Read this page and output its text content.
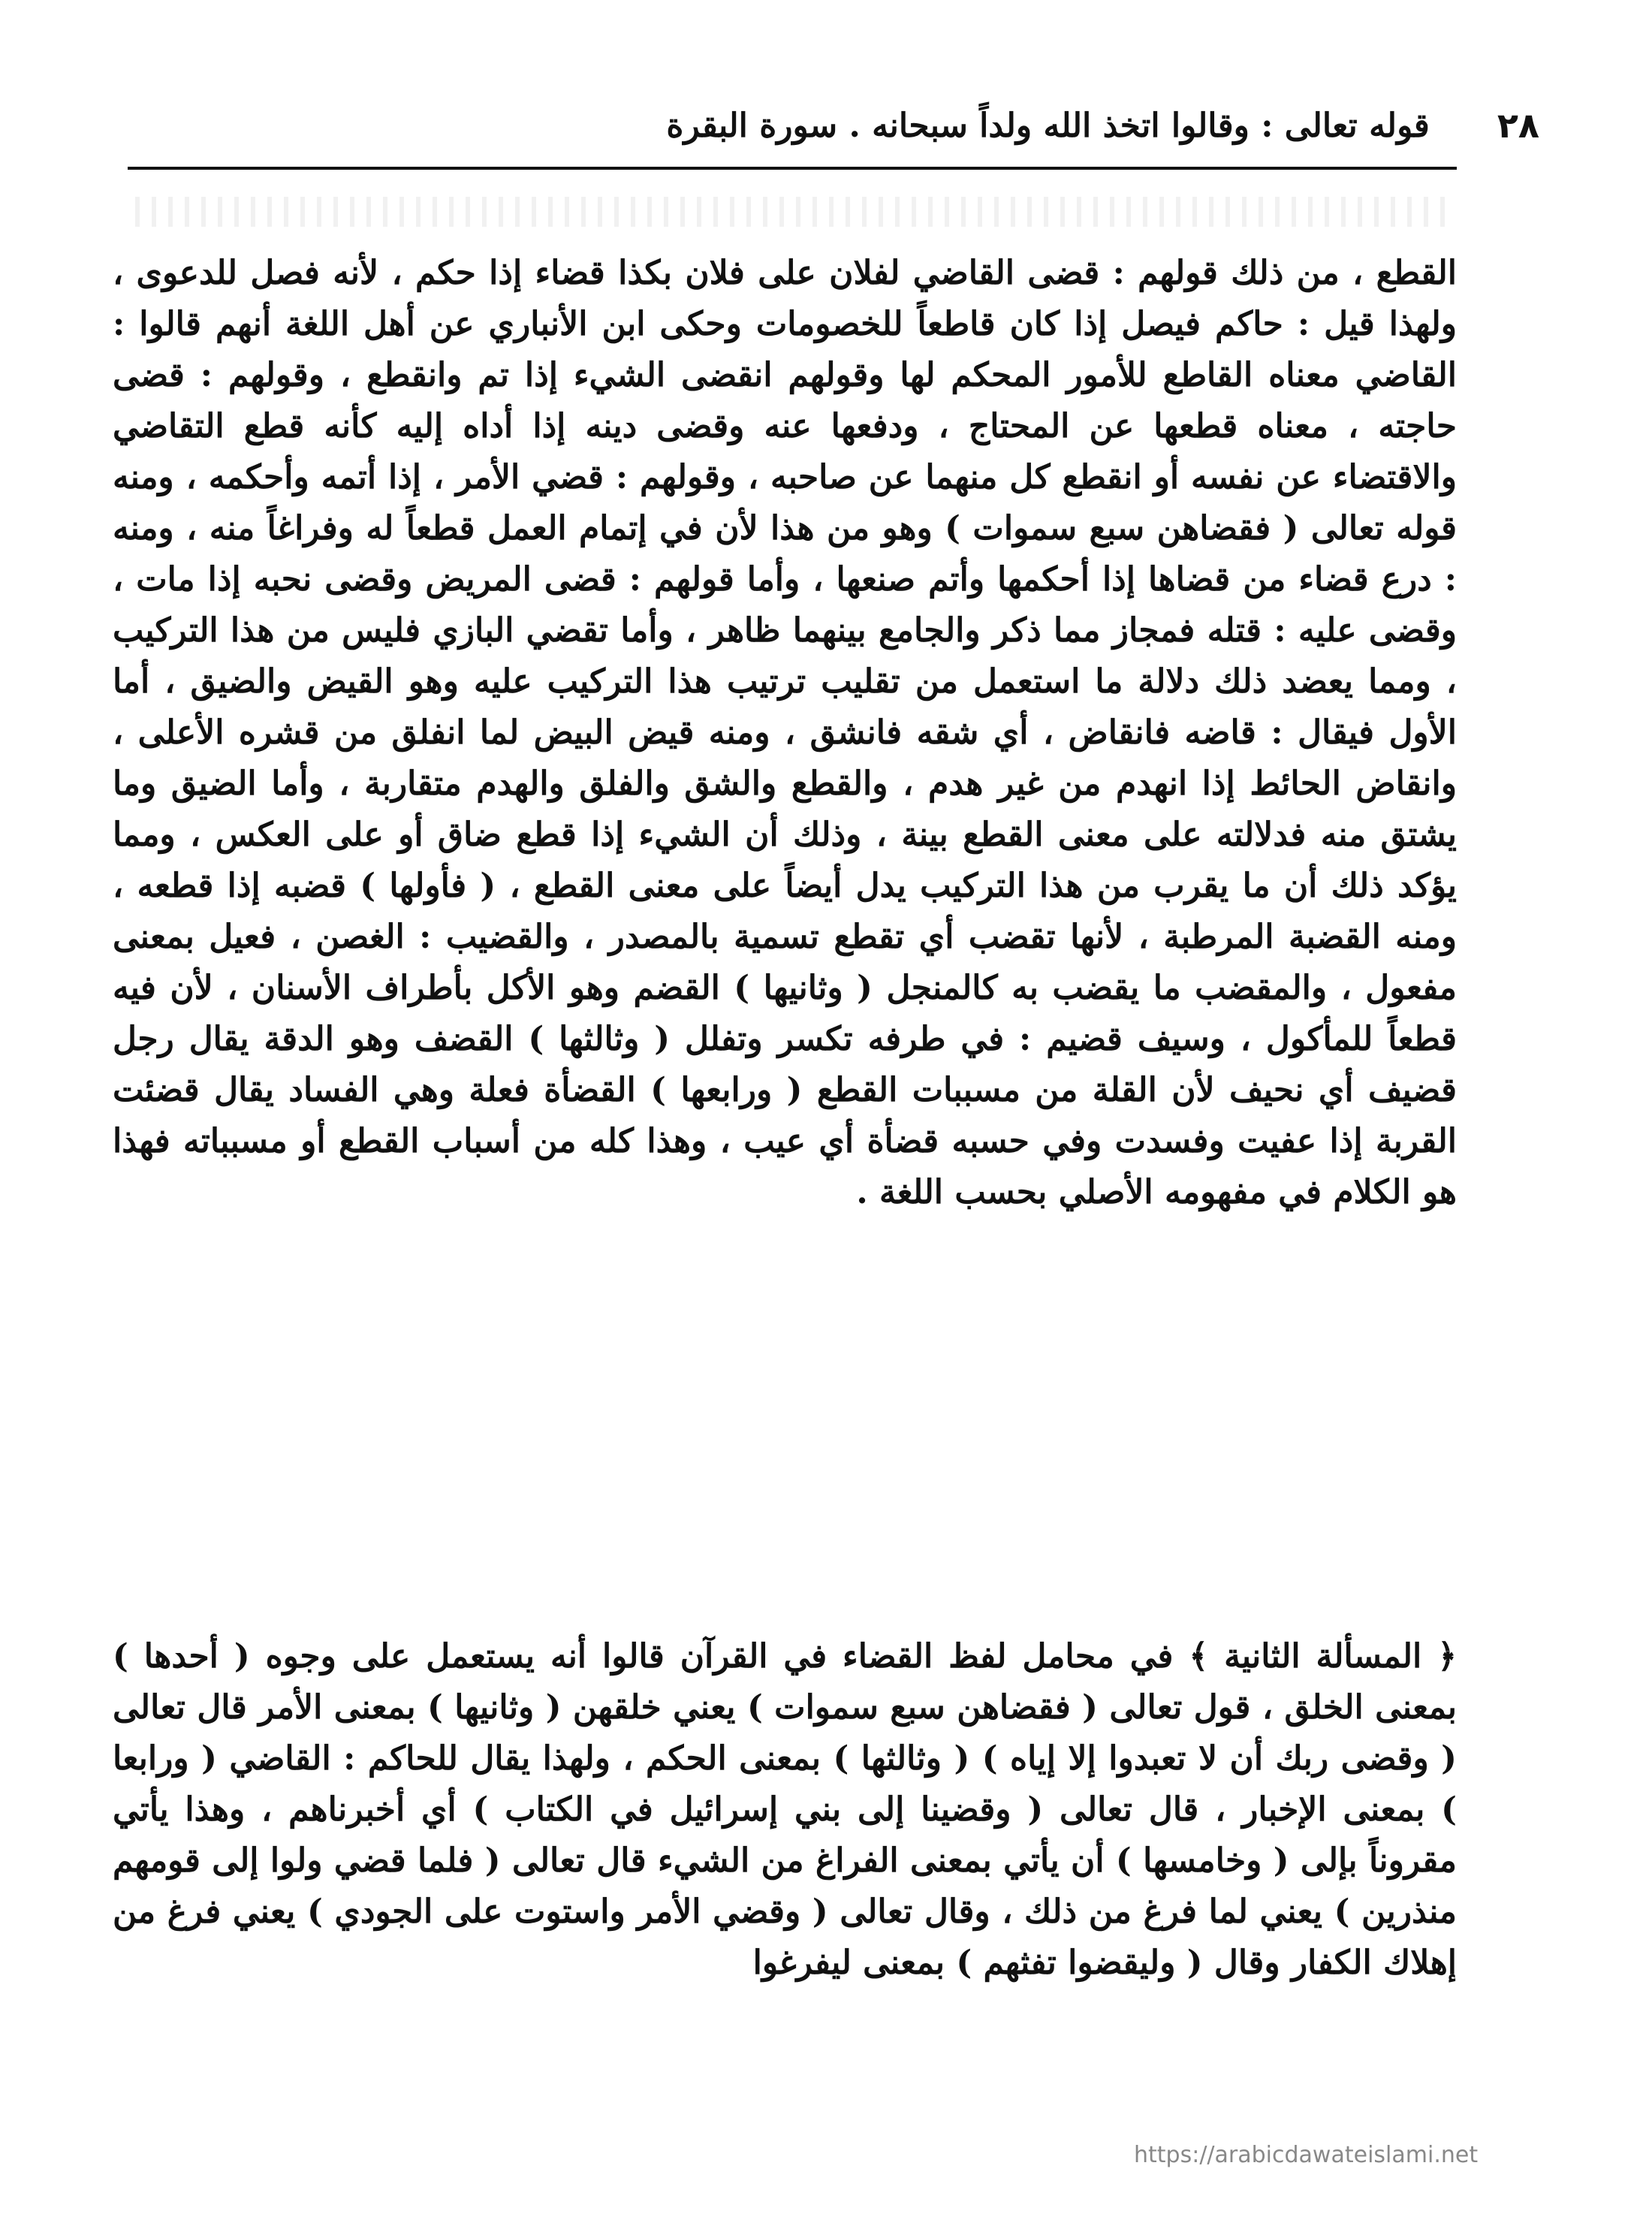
٢٨
قوله تعالى : وقالوا اتخذ الله ولداً سبحانه . سورة البقرة

القطع ، من ذلك قولهم : قضى القاضي لفلان على فلان بكذا قضاء إذا حكم ، لأنه فصل للدعوى ، ولهذا قيل : حاكم فيصل إذا كان قاطعاً للخصومات وحكى ابن الأنباري عن أهل اللغة أنهم قالوا : القاضي معناه القاطع للأمور المحكم لها وقولهم انقضى الشيء إذا تم وانقطع ، وقولهم : قضى حاجته ، معناه قطعها عن المحتاج ، ودفعها عنه وقضى دينه إذا أداه إليه كأنه قطع التقاضي والاقتضاء عن نفسه أو انقطع كل منهما عن صاحبه ، وقولهم : قضي الأمر ، إذا أتمه وأحكمه ، ومنه قوله تعالى ( فقضاهن سبع سموات ) وهو من هذا لأن في إتمام العمل قطعاً له وفراغاً منه ، ومنه : درع قضاء من قضاها إذا أحكمها وأتم صنعها ، وأما قولهم : قضى المريض وقضى نحبه إذا مات ، وقضى عليه : قتله فمجاز مما ذكر والجامع بينهما ظاهر ، وأما تقضي البازي فليس من هذا التركيب ، ومما يعضد ذلك دلالة ما استعمل من تقليب ترتيب هذا التركيب عليه وهو القيض والضيق ، أما الأول فيقال : قاضه فانقاض ، أي شقه فانشق ، ومنه قيض البيض لما انفلق من قشره الأعلى ، وانقاض الحائط إذا انهدم من غير هدم ، والقطع والشق والفلق والهدم متقاربة ، وأما الضيق وما يشتق منه فدلالته على معنى القطع بينة ، وذلك أن الشيء إذا قطع ضاق أو على العكس ، ومما يؤكد ذلك أن ما يقرب من هذا التركيب يدل أيضاً على معنى القطع ، ( فأولها ) قضبه إذا قطعه ، ومنه القضبة المرطبة ، لأنها تقضب أي تقطع تسمية بالمصدر ، والقضيب : الغصن ، فعيل بمعنى مفعول ، والمقضب ما يقضب به كالمنجل ( وثانيها ) القضم وهو الأكل بأطراف الأسنان ، لأن فيه قطعاً للمأكول ، وسيف قضيم : في طرفه تكسر وتفلل ( وثالثها ) القضف وهو الدقة يقال رجل قضيف أي نحيف لأن القلة من مسببات القطع ( ورابعها ) القضأة فعلة وهي الفساد يقال قضئت القربة إذا عفيت وفسدت وفي حسبه قضأة أي عيب ، وهذا كله من أسباب القطع أو مسبباته فهذا هو الكلام في مفهومه الأصلي بحسب اللغة .

﴿ المسألة الثانية ﴾ في محامل لفظ القضاء في القرآن قالوا أنه يستعمل على وجوه ( أحدها ) بمعنى الخلق ، قول تعالى ( فقضاهن سبع سموات ) يعني خلقهن ( وثانيها ) بمعنى الأمر قال تعالى ( وقضى ربك أن لا تعبدوا إلا إياه ) ( وثالثها ) بمعنى الحكم ، ولهذا يقال للحاكم : القاضي ( ورابعا ) بمعنى الإخبار ، قال تعالى ( وقضينا إلى بني إسرائيل في الكتاب ) أي أخبرناهم ، وهذا يأتي مقروناً بإلى ( وخامسها ) أن يأتي بمعنى الفراغ من الشيء قال تعالى ( فلما قضي ولوا إلى قومهم منذرين ) يعني لما فرغ من ذلك ، وقال تعالى ( وقضي الأمر واستوت على الجودي ) يعني فرغ من إهلاك الكفار وقال ( وليقضوا تفثهم ) بمعنى ليفرغوا

https://arabicdawateislami.net
